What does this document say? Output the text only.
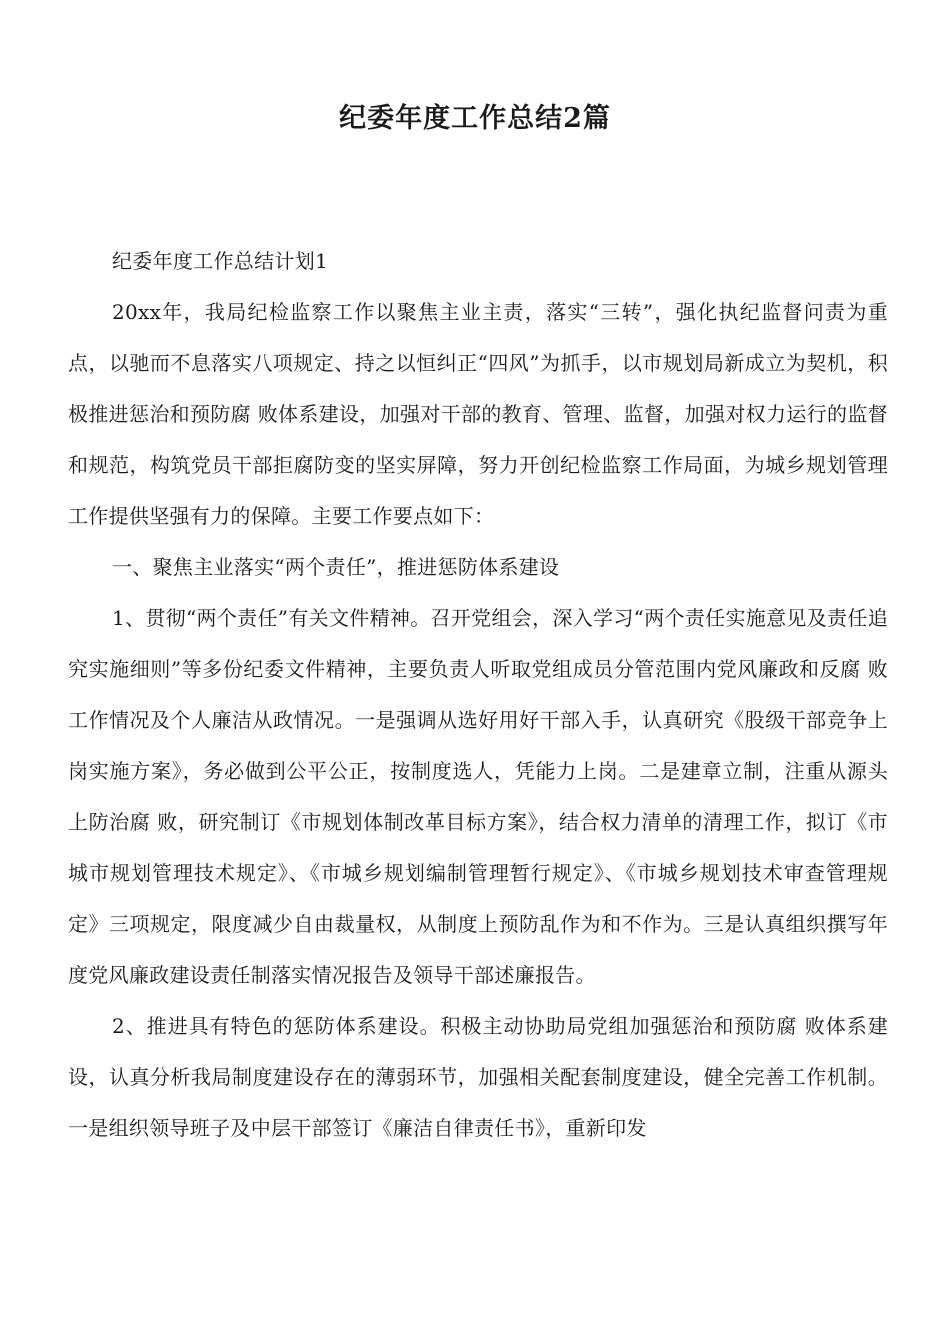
纪委年度工作总结2篇

纪委年度工作总结计划1

20xx年，我局纪检监察工作以聚焦主业主责，落实“三转”，强化执纪监督问责为重点，以驰而不息落实八项规定、持之以恒纠正“四风”为抓手，以市规划局新成立为契机，积极推进惩治和预防腐 败体系建设，加强对干部的教育、管理、监督，加强对权力运行的监督和规范，构筑党员干部拒腐防变的坚实屏障，努力开创纪检监察工作局面，为城乡规划管理工作提供坚强有力的保障。主要工作要点如下：

一、聚焦主业落实“两个责任”，推进惩防体系建设

1、贯彻“两个责任”有关文件精神。召开党组会，深入学习“两个责任实施意见及责任追究实施细则”等多份纪委文件精神，主要负责人听取党组成员分管范围内党风廉政和反腐 败工作情况及个人廉洁从政情况。一是强调从选好用好干部入手，认真研究《股级干部竞争上岗实施方案》，务必做到公平公正，按制度选人，凭能力上岗。二是建章立制，注重从源头上防治腐 败，研究制订《市规划体制改革目标方案》，结合权力清单的清理工作，拟订《市城市规划管理技术规定》、《市城乡规划编制管理暂行规定》、《市城乡规划技术审查管理规定》三项规定，限度减少自由裁量权，从制度上预防乱作为和不作为。三是认真组织撰写年度党风廉政建设责任制落实情况报告及领导干部述廉报告。

2、推进具有特色的惩防体系建设。积极主动协助局党组加强惩治和预防腐 败体系建设，认真分析我局制度建设存在的薄弱环节，加强相关配套制度建设，健全完善工作机制。一是组织领导班子及中层干部签订《廉洁自律责任书》，重新印发
